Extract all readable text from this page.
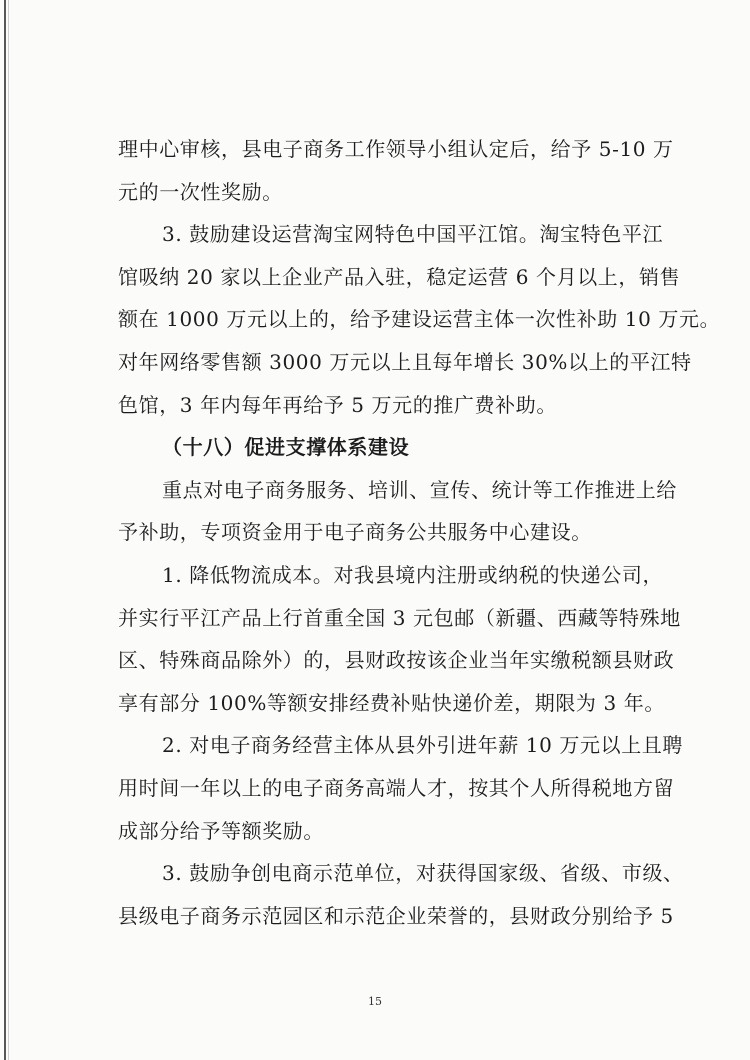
理中心审核，县电子商务工作领导小组认定后，给予 5-10 万
元的一次性奖励。
3. 鼓励建设运营淘宝网特色中国平江馆。淘宝特色平江
馆吸纳 20 家以上企业产品入驻，稳定运营 6 个月以上，销售
额在 1000 万元以上的，给予建设运营主体一次性补助 10 万元。
对年网络零售额 3000 万元以上且每年增长 30%以上的平江特
色馆，3 年内每年再给予 5 万元的推广费补助。
（十八）促进支撑体系建设
重点对电子商务服务、培训、宣传、统计等工作推进上给
予补助，专项资金用于电子商务公共服务中心建设。
1. 降低物流成本。对我县境内注册或纳税的快递公司，
并实行平江产品上行首重全国 3 元包邮（新疆、西藏等特殊地
区、特殊商品除外）的，县财政按该企业当年实缴税额县财政
享有部分 100%等额安排经费补贴快递价差，期限为 3 年。
2. 对电子商务经营主体从县外引进年薪 10 万元以上且聘
用时间一年以上的电子商务高端人才，按其个人所得税地方留
成部分给予等额奖励。
3. 鼓励争创电商示范单位，对获得国家级、省级、市级、
县级电子商务示范园区和示范企业荣誉的，县财政分别给予 5
15
